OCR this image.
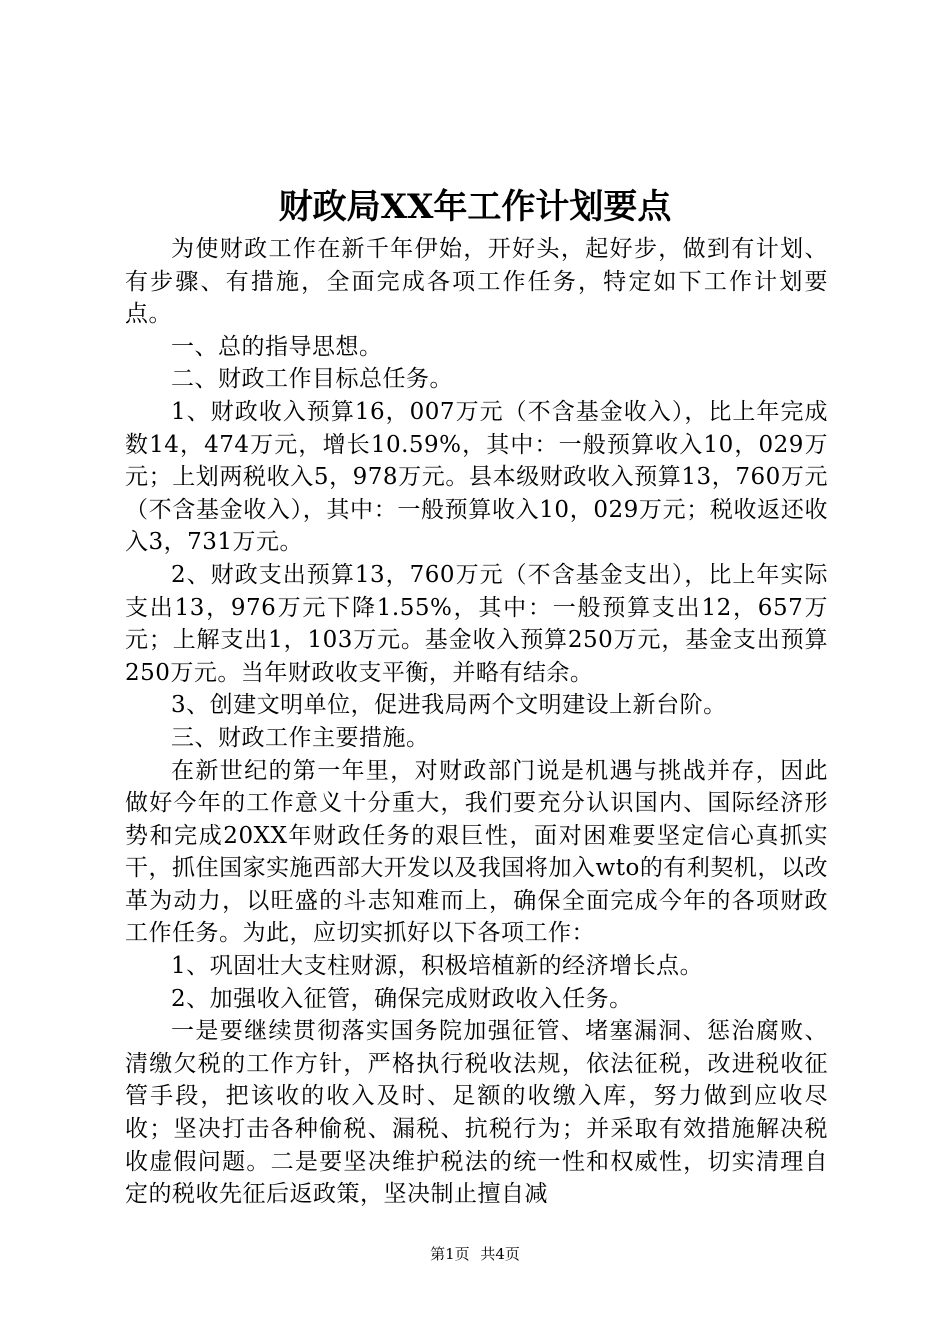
财政局XX年工作计划要点

为使财政工作在新千年伊始，开好头，起好步，做到有计划、有步骤、有措施，全面完成各项工作任务，特定如下工作计划要点。

一、总的指导思想。

二、财政工作目标总任务。

1、财政收入预算16，007万元（不含基金收入），比上年完成数14，474万元，增长10.59%，其中：一般预算收入10，029万元；上划两税收入5，978万元。县本级财政收入预算13，760万元（不含基金收入），其中：一般预算收入10，029万元；税收返还收入3，731万元。

2、财政支出预算13，760万元（不含基金支出），比上年实际支出13，976万元下降1.55%，其中：一般预算支出12，657万元；上解支出1，103万元。基金收入预算250万元，基金支出预算250万元。当年财政收支平衡，并略有结余。

3、创建文明单位，促进我局两个文明建设上新台阶。

三、财政工作主要措施。

在新世纪的第一年里，对财政部门说是机遇与挑战并存，因此做好今年的工作意义十分重大，我们要充分认识国内、国际经济形势和完成20XX年财政任务的艰巨性，面对困难要坚定信心真抓实干，抓住国家实施西部大开发以及我国将加入wto的有利契机，以改革为动力，以旺盛的斗志知难而上，确保全面完成今年的各项财政工作任务。为此，应切实抓好以下各项工作：

1、巩固壮大支柱财源，积极培植新的经济增长点。

2、加强收入征管，确保完成财政收入任务。

一是要继续贯彻落实国务院加强征管、堵塞漏洞、惩治腐败、清缴欠税的工作方针，严格执行税收法规，依法征税，改进税收征管手段，把该收的收入及时、足额的收缴入库，努力做到应收尽收；坚决打击各种偷税、漏税、抗税行为；并采取有效措施解决税收虚假问题。二是要坚决维护税法的统一性和权威性，切实清理自定的税收先征后返政策，坚决制止擅自减

第1页 共4页
